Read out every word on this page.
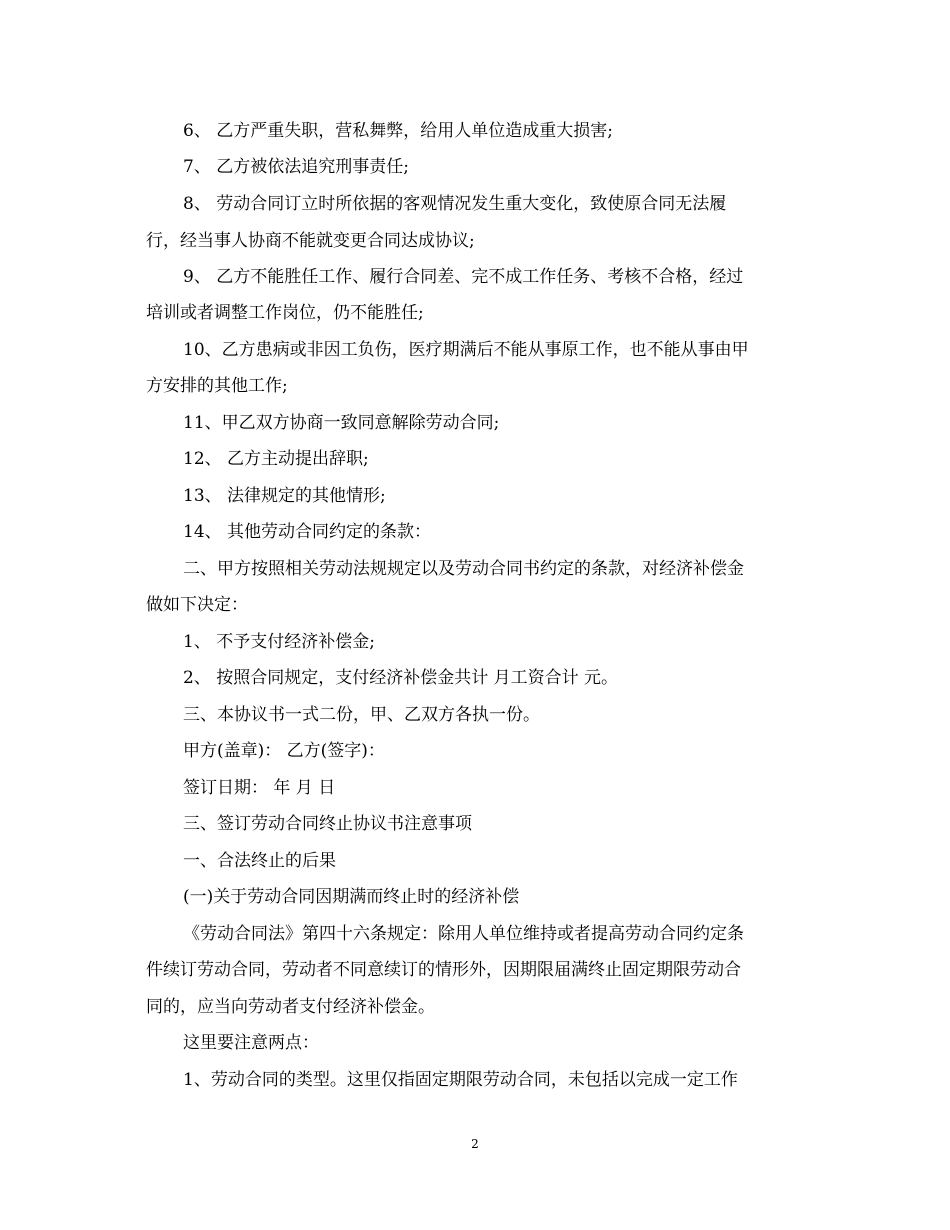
6、 乙方严重失职，营私舞弊，给用人单位造成重大损害;
7、 乙方被依法追究刑事责任;
8、 劳动合同订立时所依据的客观情况发生重大变化，致使原合同无法履
行，经当事人协商不能就变更合同达成协议;
9、 乙方不能胜任工作、履行合同差、完不成工作任务、考核不合格，经过
培训或者调整工作岗位，仍不能胜任;
10、乙方患病或非因工负伤，医疗期满后不能从事原工作，也不能从事由甲
方安排的其他工作;
11、甲乙双方协商一致同意解除劳动合同;
12、 乙方主动提出辞职;
13、 法律规定的其他情形;
14、 其他劳动合同约定的条款：
二、甲方按照相关劳动法规规定以及劳动合同书约定的条款，对经济补偿金
做如下决定：
1、 不予支付经济补偿金;
2、 按照合同规定，支付经济补偿金共计 月工资合计 元。
三、本协议书一式二份，甲、乙双方各执一份。
甲方(盖章)： 乙方(签字)：
签订日期： 年 月 日
三、签订劳动合同终止协议书注意事项
一、合法终止的后果
(一)关于劳动合同因期满而终止时的经济补偿
《劳动合同法》第四十六条规定：除用人单位维持或者提高劳动合同约定条
件续订劳动合同，劳动者不同意续订的情形外，因期限届满终止固定期限劳动合
同的，应当向劳动者支付经济补偿金。
这里要注意两点：
1、劳动合同的类型。这里仅指固定期限劳动合同，未包括以完成一定工作
2
